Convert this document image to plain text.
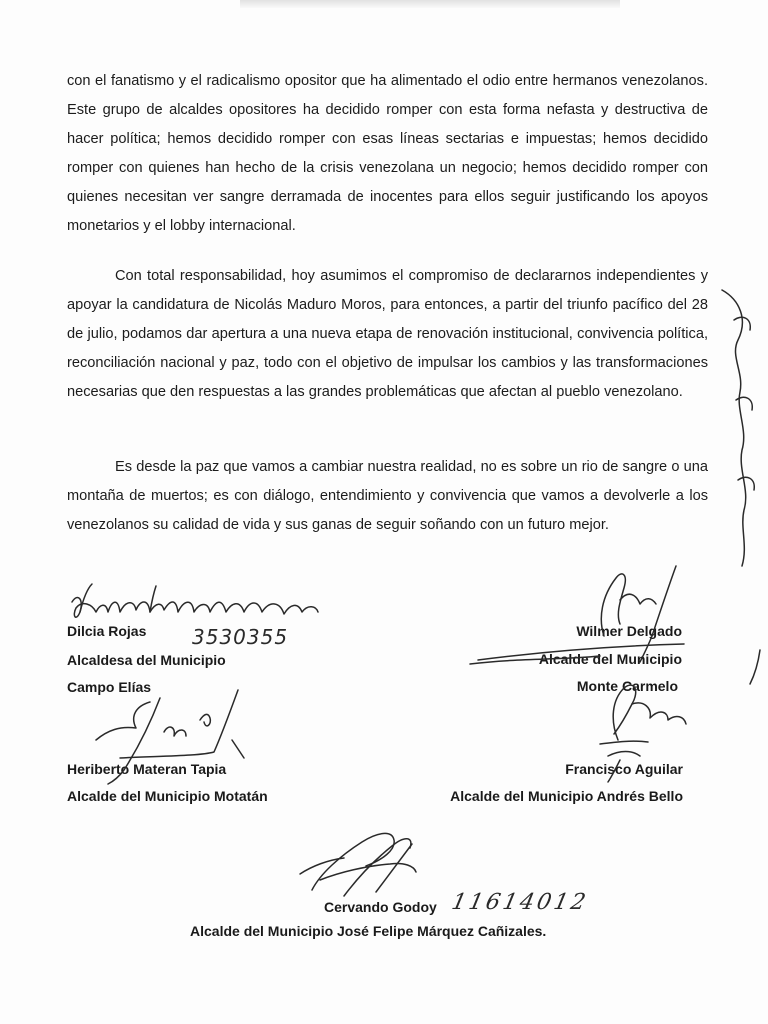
con el fanatismo y el radicalismo opositor que ha alimentado el odio entre hermanos venezolanos. Este grupo de alcaldes opositores ha decidido romper con esta forma nefasta y destructiva de hacer política; hemos decidido romper con esas líneas sectarias e impuestas; hemos decidido romper con quienes han hecho de la crisis venezolana un negocio; hemos decidido romper con quienes necesitan ver sangre derramada de inocentes para ellos seguir justificando los apoyos monetarios y el lobby internacional.

Con total responsabilidad, hoy asumimos el compromiso de declararnos independientes y apoyar la candidatura de Nicolás Maduro Moros, para entonces, a partir del triunfo pacífico del 28 de julio, podamos dar apertura a una nueva etapa de renovación institucional, convivencia política, reconciliación nacional y paz, todo con el objetivo de impulsar los cambios y las transformaciones necesarias que den respuestas a las grandes problemáticas que afectan al pueblo venezolano.

Es desde la paz que vamos a cambiar nuestra realidad, no es sobre un rio de sangre o una montaña de muertos; es con diálogo, entendimiento y convivencia que vamos a devolverle a los venezolanos su calidad de vida y sus ganas de seguir soñando con un futuro mejor.

Dilcia Rojas
Alcaldesa del Municipio
Campo Elías
Wilmer Delgado
Alcalde del Municipio
Monte Carmelo
Heriberto Materan Tapia
Alcalde del Municipio Motatán
Francisco Aguilar
Alcalde del Municipio Andrés Bello
Cervando Godoy
Alcalde del Municipio José Felipe Márquez Cañizales.
3530355
11614012
